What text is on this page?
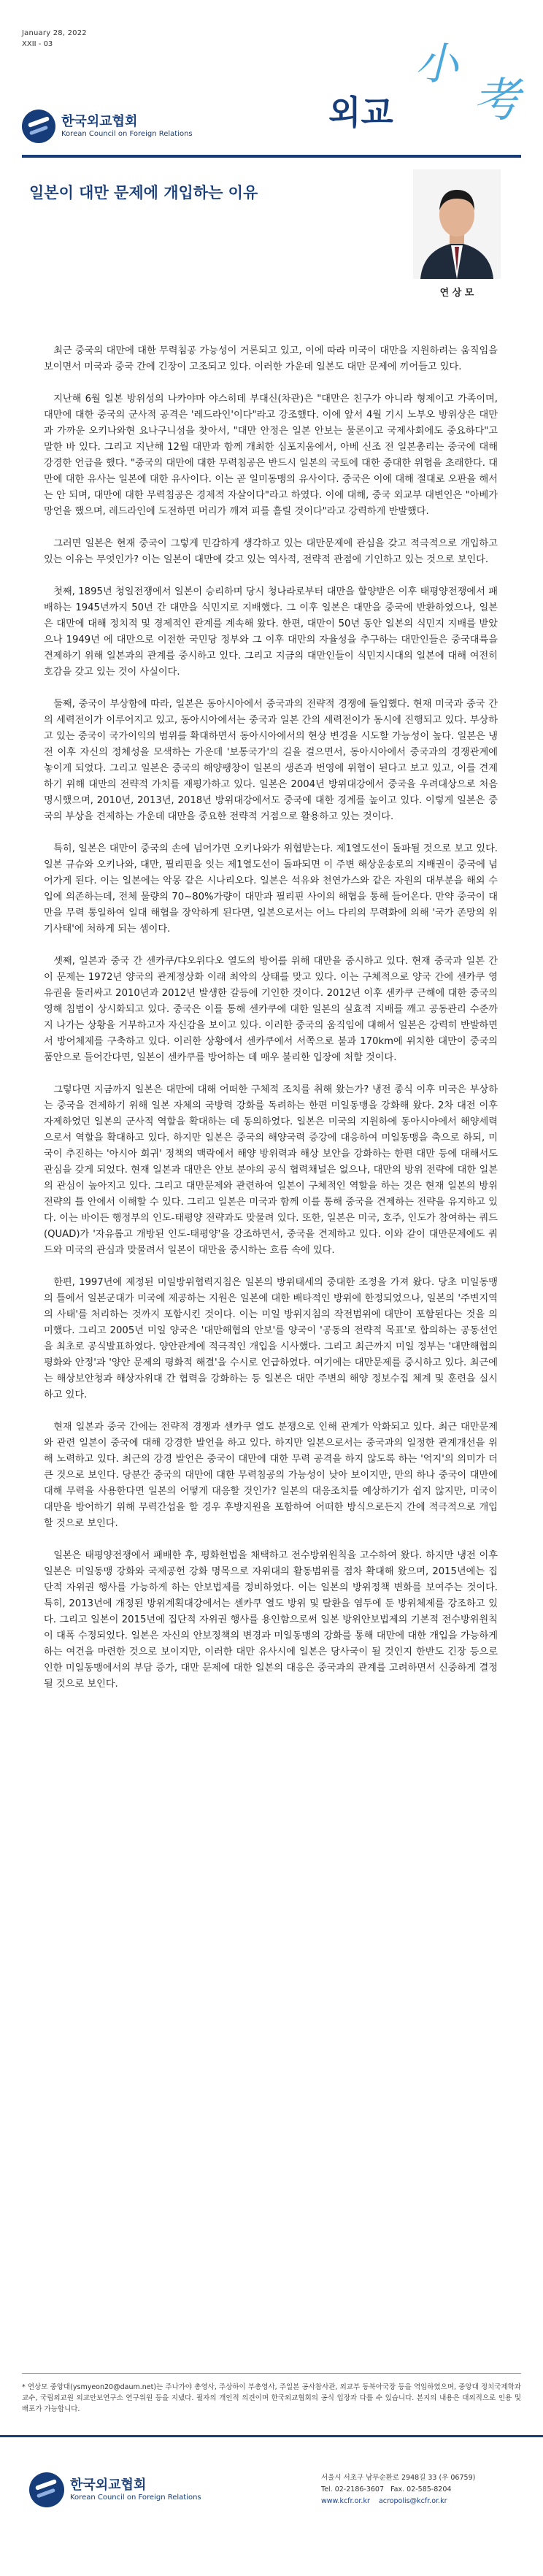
January 28, 2022
XXII - 03	小
외교 考
한국외교협회
Korean Council on Foreign Relations
일본이 대만 문제에 개입하는 이유
연 상 모

최근 중국의 대만에 대한 무력침공 가능성이 거론되고 있고, 이에 따라 미국이 대만을 지원하려는 움직임을 보이면서 미국과 중국 간에 긴장이 고조되고 있다. 이러한 가운데 일본도 대만 문제에 끼어들고 있다.

지난해 6월 일본 방위성의 나카야마 야스히데 부대신(차관)은 "대만은 친구가 아니라 형제이고 가족이며, 대만에 대한 중국의 군사적 공격은 '레드라인'이다"라고 강조했다. 이에 앞서 4월 기시 노부오 방위상은 대만과 가까운 오키나와현 요나구니섬을 찾아서, "대만 안정은 일본 안보는 물론이고 국제사회에도 중요하다"고 말한 바 있다. 그리고 지난해 12월 대만과 함께 개최한 심포지움에서, 아베 신조 전 일본총리는 중국에 대해 강경한 언급을 했다. "중국의 대만에 대한 무력침공은 반드시 일본의 국토에 대한 중대한 위협을 초래한다. 대만에 대한 유사는 일본에 대한 유사이다. 이는 곧 일미동맹의 유사이다. 중국은 이에 대해 절대로 오판을 해서는 안 되며, 대만에 대한 무력침공은 경제적 자살이다"라고 하였다. 이에 대해, 중국 외교부 대변인은 "아베가 망언을 했으며, 레드라인에 도전하면 머리가 깨져 피를 흘릴 것이다"라고 강력하게 반발했다.

그러면 일본은 현재 중국이 그렇게 민감하게 생각하고 있는 대만문제에 관심을 갖고 적극적으로 개입하고 있는 이유는 무엇인가? 이는 일본이 대만에 갖고 있는 역사적, 전략적 관점에 기인하고 있는 것으로 보인다.

첫째, 1895년 청일전쟁에서 일본이 승리하며 당시 청나라로부터 대만을 할양받은 이후 태평양전쟁에서 패배하는 1945년까지 50년 간 대만을 식민지로 지배했다. 그 이후 일본은 대만을 중국에 반환하였으나, 일본은 대만에 대해 정치적 및 경제적인 관계를 계속해 왔다. 한편, 대만이 50년 동안 일본의 식민지 지배를 받았으나 1949년 에 대만으로 이전한 국민당 정부와 그 이후 대만의 자율성을 추구하는 대만인들은 중국대륙을 견제하기 위해 일본과의 관계를 중시하고 있다. 그리고 지금의 대만인들이 식민지시대의 일본에 대해 여전히 호감을 갖고 있는 것이 사실이다.

둘째, 중국이 부상함에 따라, 일본은 동아시아에서 중국과의 전략적 경쟁에 돌입했다. 현재 미국과 중국 간의 세력전이가 이루어지고 있고, 동아시아에서는 중국과 일본 간의 세력전이가 동시에 진행되고 있다. 부상하고 있는 중국이 국가이익의 범위를 확대하면서 동아시아에서의 현상 변경을 시도할 가능성이 높다. 일본은 냉전 이후 자신의 정체성을 모색하는 가운데 '보통국가'의 길을 걸으면서, 동아시아에서 중국과의 경쟁관계에 놓이게 되었다. 그리고 일본은 중국의 해양팽창이 일본의 생존과 번영에 위협이 된다고 보고 있고, 이를 견제하기 위해 대만의 전략적 가치를 재평가하고 있다. 일본은 2004년 방위대강에서 중국을 우려대상으로 처음 명시했으며, 2010년, 2013년, 2018년 방위대강에서도 중국에 대한 경계를 높이고 있다. 이렇게 일본은 중국의 부상을 견제하는 가운데 대만을 중요한 전략적 거점으로 활용하고 있는 것이다.

특히, 일본은 대만이 중국의 손에 넘어가면 오키나와가 위협받는다. 제1열도선이 돌파될 것으로 보고 있다. 일본 규슈와 오키나와, 대만, 필리핀을 잇는 제1열도선이 돌파되면 이 주변 해상운송로의 지배권이 중국에 넘어가게 된다. 이는 일본에는 악몽 같은 시나리오다. 일본은 석유와 천연가스와 같은 자원의 대부분을 해외 수입에 의존하는데, 전체 물량의 70~80%가량이 대만과 필리핀 사이의 해협을 통해 들어온다. 만약 중국이 대만을 무력 통일하여 일대 해협을 장악하게 된다면, 일본으로서는 어느 다리의 무력화에 의해 '국가 존망의 위기사태'에 처하게 되는 셈이다.

셋째, 일본과 중국 간 센카쿠/댜오위다오 열도의 방어를 위해 대만을 중시하고 있다. 현재 중국과 일본 간 이 문제는 1972년 양국의 관계정상화 이래 최악의 상태를 맞고 있다. 이는 구체적으로 양국 간에 센카쿠 영유권을 둘러싸고 2010년과 2012년 발생한 갈등에 기인한 것이다. 2012년 이후 센카쿠 근해에 대한 중국의 영해 침범이 상시화되고 있다. 중국은 이를 통해 센카쿠에 대한 일본의 실효적 지배를 깨고 공동관리 수준까지 나가는 상황을 거부하고자 자신감을 보이고 있다. 이러한 중국의 움직임에 대해서 일본은 강력히 반발하면서 방어체제를 구축하고 있다. 이러한 상황에서 센카쿠에서 서쪽으로 불과 170km에 위치한 대만이 중국의 품안으로 들어간다면, 일본이 센카쿠를 방어하는 데 매우 불리한 입장에 처할 것이다.

그렇다면 지금까지 일본은 대만에 대해 어떠한 구체적 조치를 취해 왔는가? 냉전 종식 이후 미국은 부상하는 중국을 견제하기 위해 일본 자체의 국방력 강화를 독려하는 한편 미일동맹을 강화해 왔다. 2차 대전 이후 자제하였던 일본의 군사적 역할을 확대하는 데 동의하였다. 일본은 미국의 지원하에 동아시아에서 해양세력으로서 역할을 확대하고 있다. 하지만 일본은 중국의 해양국력 증강에 대응하여 미일동맹을 축으로 하되, 미국이 추진하는 '아시아 회귀' 정책의 맥락에서 해양 방위력과 해상 보안을 강화하는 한편 대만 등에 대해서도 관심을 갖게 되었다. 현재 일본과 대만은 안보 분야의 공식 협력채널은 없으나, 대만의 방위 전략에 대한 일본의 관심이 높아지고 있다. 그리고 대만문제와 관련하여 일본이 구체적인 역할을 하는 것은 현재 일본의 방위 전략의 틀 안에서 이해할 수 있다. 그리고 일본은 미국과 함께 이를 통해 중국을 견제하는 전략을 유지하고 있다. 이는 바이든 행정부의 인도-태평양 전략과도 맞물려 있다. 또한, 일본은 미국, 호주, 인도가 참여하는 쿼드(QUAD)가 '자유롭고 개방된 인도-태평양'을 강조하면서, 중국을 견제하고 있다. 이와 같이 대만문제에도 쿼드와 미국의 관심과 맞물려서 일본이 대만을 중시하는 흐름 속에 있다.

한편, 1997년에 제정된 미일방위협력지침은 일본의 방위태세의 중대한 조정을 가져 왔다. 당초 미일동맹의 틀에서 일본군대가 미국에 제공하는 지원은 일본에 대한 배타적인 방위에 한정되었으나, 일본의 '주변지역의 사태'를 처리하는 것까지 포함시킨 것이다. 이는 미일 방위지침의 작전범위에 대만이 포함된다는 것을 의미했다. 그리고 2005년 미일 양국은 '대만해협의 안보'를 양국이 '공동의 전략적 목표'로 합의하는 공동선언을 최초로 공식발표하였다. 양안관계에 적극적인 개입을 시사했다. 그리고 최근까지 미일 정부는 '대만해협의 평화와 안정'과 '양안 문제의 평화적 해결'을 수시로 언급하였다. 여기에는 대만문제를 중시하고 있다. 최근에는 해상보안청과 해상자위대 간 협력을 강화하는 등 일본은 대만 주변의 해양 정보수집 체계 및 훈련을 실시하고 있다.

현재 일본과 중국 간에는 전략적 경쟁과 센카쿠 열도 분쟁으로 인해 관계가 악화되고 있다. 최근 대만문제와 관련 일본이 중국에 대해 강경한 발언을 하고 있다. 하지만 일본으로서는 중국과의 일정한 관계개선을 위해 노력하고 있다. 최근의 강경 발언은 중국이 대만에 대한 무력 공격을 하지 않도록 하는 '억지'의 의미가 더 큰 것으로 보인다. 당분간 중국의 대만에 대한 무력침공의 가능성이 낮아 보이지만, 만의 하나 중국이 대만에 대해 무력을 사용한다면 일본의 어떻게 대응할 것인가? 일본의 대응조치를 예상하기가 쉽지 않지만, 미국이 대만을 방어하기 위해 무력간섭을 할 경우 후방지원을 포함하여 어떠한 방식으로든지 간에 적극적으로 개입할 것으로 보인다.

일본은 태평양전쟁에서 패배한 후, 평화헌법을 채택하고 전수방위원칙을 고수하여 왔다. 하지만 냉전 이후 일본은 미일동맹 강화와 국제공헌 강화 명목으로 자위대의 활동범위를 점차 확대해 왔으며, 2015년에는 집단적 자위권 행사를 가능하게 하는 안보법제를 정비하였다. 이는 일본의 방위정책 변화를 보여주는 것이다. 특히, 2013년에 개정된 방위계획대강에서는 센카쿠 열도 방위 및 탈환을 염두에 둔 방위체제를 강조하고 있다. 그리고 일본이 2015년에 집단적 자위권 행사를 용인함으로써 일본 방위안보법제의 기본적 전수방위원칙이 대폭 수정되었다. 일본은 자신의 안보정책의 변경과 미일동맹의 강화를 통해 대만에 대한 개입을 가능하게 하는 여건을 마련한 것으로 보이지만, 이러한 대만 유사시에 일본은 당사국이 될 것인지 한반도 긴장 등으로 인한 미일동맹에서의 부담 증가, 대만 문제에 대한 일본의 대응은 중국과의 관계를 고려하면서 신중하게 결정될 것으로 보인다.

* 연상모 중앙대(ysmyeon20@daum.net)는 주나가야 총영사, 주상하이 부총영사, 주일본 공사참사관, 외교부 동북아국장 등을 역임하였으며, 중앙대 정치국제학과 교수, 국립외교원 외교안보연구소 연구위원 등을 지냈다. 필자의 개인적 의견이며 한국외교협회의 공식 입장과 다를 수 있습니다. 본지의 내용은 대외적으로 인용 및 배포가 가능합니다.
한국외교협회
Korean Council on Foreign Relations
서울시 서초구 남부순환로 2948길 33 (우 06759)
Tel. 02-2186-3607 Fax. 02-585-8204
www.kcfr.or.kr acropolis@kcfr.or.kr
